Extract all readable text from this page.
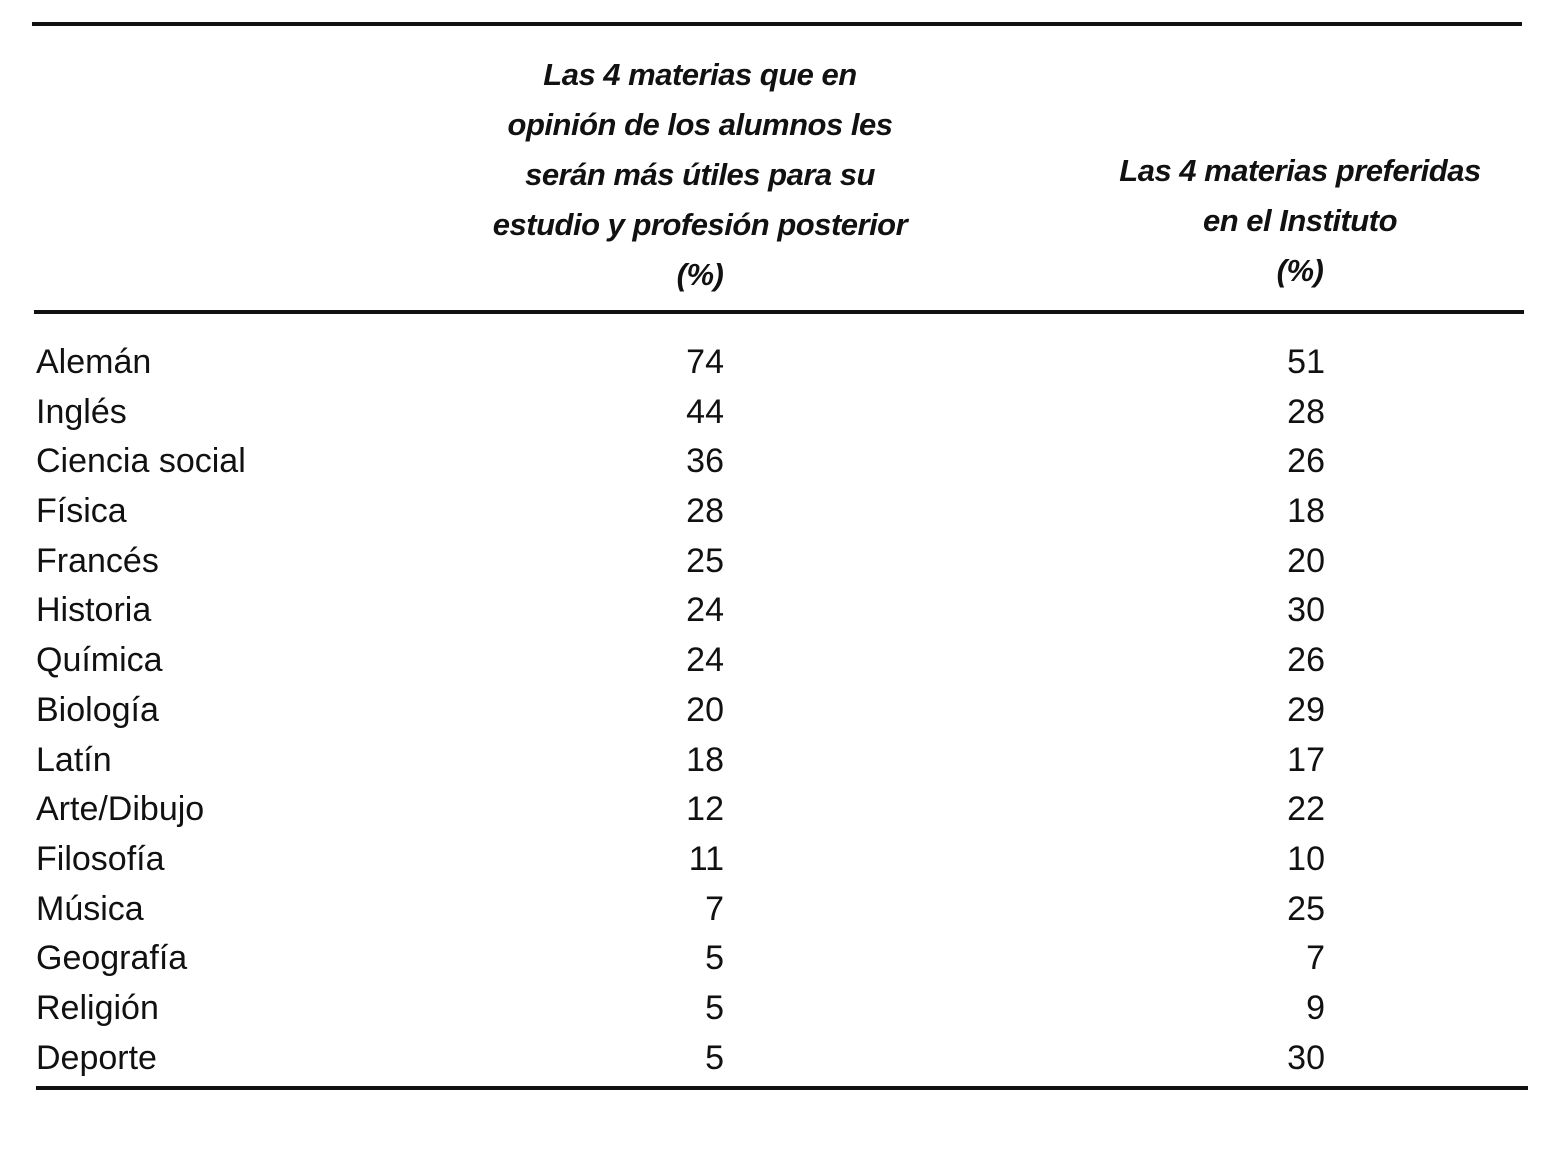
Las 4 materias que en
opinión de los alumnos les
serán más útiles para su
estudio y profesión posterior
(%)
Las 4 materias preferidas
en el Instituto
(%)
Alemán	74	51
Inglés	44	28
Ciencia social	36	26
Física	28	18
Francés	25	20
Historia	24	30
Química	24	26
Biología	20	29
Latín	18	17
Arte/Dibujo	12	22
Filosofía	11	10
Música	7	25
Geografía	5	7
Religión	5	9
Deporte	5	30
